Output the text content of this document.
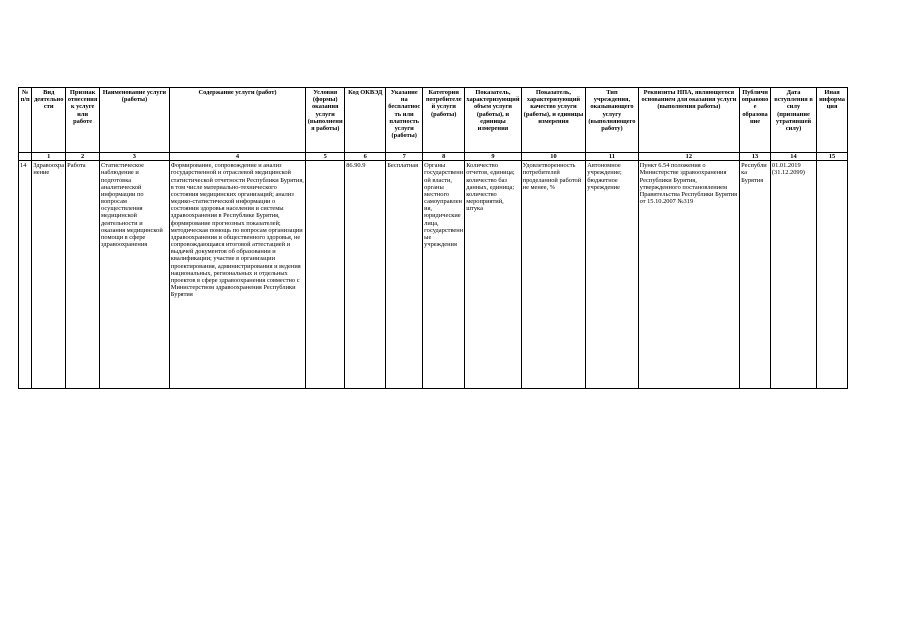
№ п/п	Вид деятельности	Признак отнесения к услуге или работе	Наименование услуги (работы)	Содержание услуги (работ)	Условия (формы) оказания услуги (выполнения работы)	Код ОКВЭД	Указание на бесплатность или платность услуги (работы)	Категории потребителей услуги (работы)	Показатель, характеризующий объем услуги (работы), и единицы измерения	Показатель, характеризующий качество услуги (работы), и единицы измерения	Тип учреждения, оказывающего услугу (выполняющего работу)	Реквизиты НПА, являющегося основанием для оказания услуги (выполнения работы)	Публичноправовое образование	Дата вступления в силу (признание утратившей силу)	Иная информация
	1	2	3	4	5	6	7	8	9	10	11	12	13	14	15
14	Здравоохранение	Работа	Статистическое наблюдение и подготовка аналитической информации по вопросам осуществления медицинской деятельности и оказания медицинской помощи в сфере здравоохранения	Формирование, сопровождение и анализ государственной и отраслевой медицинской статистической отчетности Республики Бурятия, в том числе материально-технического состояния медицинских организаций; анализ медико-статистической информации о состоянии здоровья населения и системы здравоохранения в Республике Бурятия, формирование прогнозных показателей; методическая помощь по вопросам организации здравоохранения и общественного здоровья, не сопровождающаяся итоговой аттестацией и выдачей документов об образовании и квалификации; участие в организации проектирования, администрирования и ведения национальных, региональных и отдельных проектов в сфере здравоохранения совместно с Министерством здравоохранения Республики Бурятия		86.90.9	Бесплатная	Органы государственной власти, органы местного самоуправления, юридические лица, государственные учреждения	Количество отчетов, единица; количество баз данных, единица; количество мероприятий, штука	Удовлетворенность потребителей проделанной работой не менее, %	Автономное учреждение; бюджетное учреждение	Пункт 6.54 положения о Министерстве здравоохранения Республики Бурятия, утвержденного постановлением Правительства Республики Бурятия от 15.10.2007 №319	Республика Бурятия	01.01.2019 (31.12.2099)	
